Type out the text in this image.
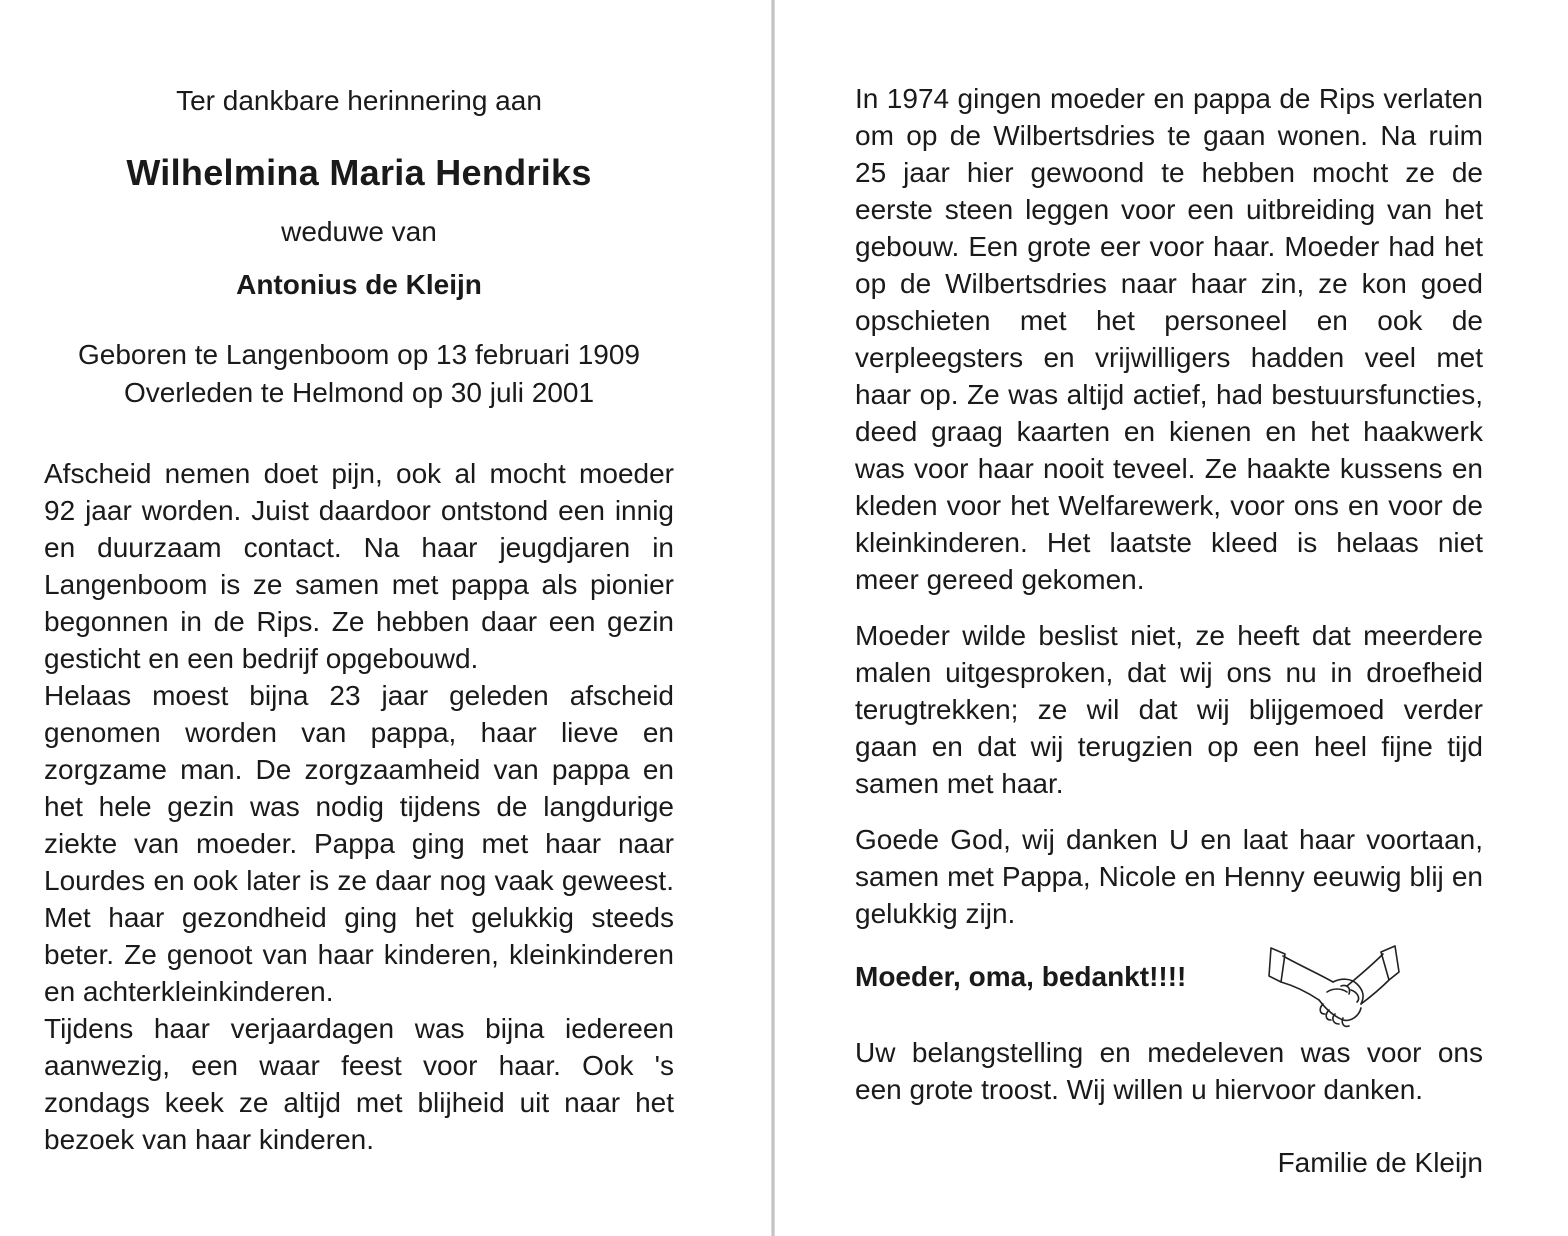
Ter dankbare herinnering aan
Wilhelmina Maria Hendriks
weduwe van
Antonius de Kleijn
Geboren te Langenboom op 13 februari 1909
Overleden te Helmond op 30 juli 2001

Afscheid nemen doet pijn, ook al mocht moeder 92 jaar worden. Juist daardoor ontstond een innig en duurzaam contact. Na haar jeugdjaren in Langenboom is ze samen met pappa als pionier begonnen in de Rips. Ze hebben daar een gezin gesticht en een bedrijf opgebouwd.

Helaas moest bijna 23 jaar geleden afscheid genomen worden van pappa, haar lieve en zorgzame man. De zorgzaamheid van pappa en het hele gezin was nodig tijdens de langdurige ziekte van moeder. Pappa ging met haar naar Lourdes en ook later is ze daar nog vaak geweest. Met haar gezondheid ging het gelukkig steeds beter. Ze genoot van haar kinderen, kleinkinderen en achterkleinkinderen.

Tijdens haar verjaardagen was bijna iedereen aanwezig, een waar feest voor haar. Ook 's zondags keek ze altijd met blijheid uit naar het bezoek van haar kinderen.

In 1974 gingen moeder en pappa de Rips verlaten om op de Wilbertsdries te gaan wonen. Na ruim 25 jaar hier gewoond te hebben mocht ze de eerste steen leggen voor een uitbreiding van het gebouw. Een grote eer voor haar. Moeder had het op de Wilbertsdries naar haar zin, ze kon goed opschieten met het personeel en ook de verpleegsters en vrijwilligers hadden veel met haar op. Ze was altijd actief, had bestuursfuncties, deed graag kaarten en kienen en het haakwerk was voor haar nooit teveel. Ze haakte kussens en kleden voor het Welfarewerk, voor ons en voor de kleinkinderen. Het laatste kleed is helaas niet meer gereed gekomen.

Moeder wilde beslist niet, ze heeft dat meerdere malen uitgesproken, dat wij ons nu in droefheid terugtrekken; ze wil dat wij blijgemoed verder gaan en dat wij terugzien op een heel fijne tijd samen met haar.

Goede God, wij danken U en laat haar voortaan, samen met Pappa, Nicole en Henny eeuwig blij en gelukkig zijn.

Moeder, oma, bedankt!!!!

Uw belangstelling en medeleven was voor ons een grote troost. Wij willen u hiervoor danken.

Familie de Kleijn
